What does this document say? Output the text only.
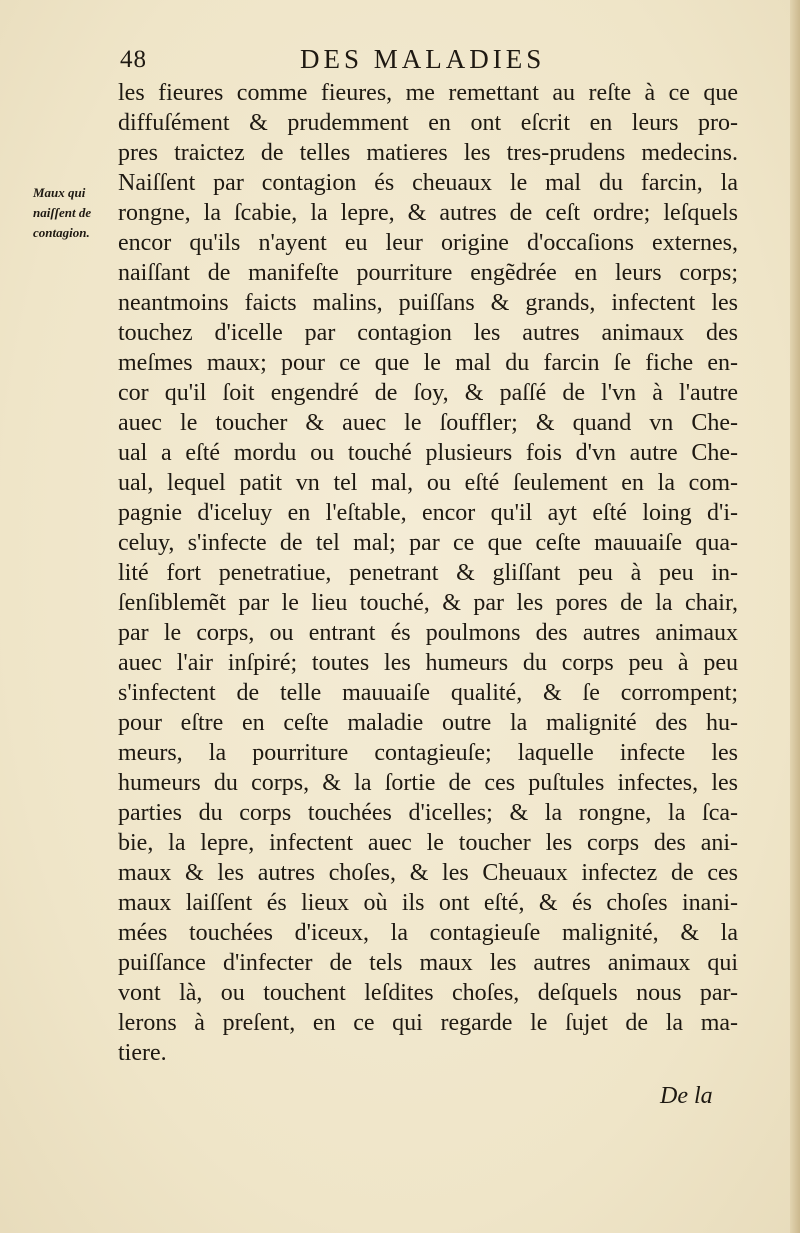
48	DES MALADIES
Maux qui
naiſſent de
contagion.
les fieures comme fieures, me remettant au reſte à ce que
diffuſément & prudemment en ont eſcrit en leurs pro-
pres traictez de telles matieres les tres-prudens medecins.
Naiſſent par contagion és cheuaux le mal du farcin, la
rongne, la ſcabie, la lepre, & autres de ceſt ordre; leſquels
encor qu'ils n'ayent eu leur origine d'occaſions externes,
naiſſant de manifeſte pourriture engẽdrée en leurs corps;
neantmoins faicts malins, puiſſans & grands, infectent les
touchez d'icelle par contagion les autres animaux des
meſmes maux; pour ce que le mal du farcin ſe fiche en-
cor qu'il ſoit engendré de ſoy, & paſſé de l'vn à l'autre
auec le toucher & auec le ſouffler; & quand vn Che-
ual a eſté mordu ou touché plusieurs fois d'vn autre Che-
ual, lequel patit vn tel mal, ou eſté ſeulement en la com-
pagnie d'iceluy en l'eſtable, encor qu'il ayt eſté loing d'i-
celuy, s'infecte de tel mal; par ce que ceſte mauuaiſe qua-
lité fort penetratiue, penetrant & gliſſant peu à peu in-
ſenſiblemẽt par le lieu touché, & par les pores de la chair,
par le corps, ou entrant és poulmons des autres animaux
auec l'air inſpiré; toutes les humeurs du corps peu à peu
s'infectent de telle mauuaiſe qualité, & ſe corrompent;
pour eſtre en ceſte maladie outre la malignité des hu-
meurs, la pourriture contagieuſe; laquelle infecte les
humeurs du corps, & la ſortie de ces puſtules infectes, les
parties du corps touchées d'icelles; & la rongne, la ſca-
bie, la lepre, infectent auec le toucher les corps des ani-
maux & les autres choſes, & les Cheuaux infectez de ces
maux laiſſent és lieux où ils ont eſté, & és choſes inani-
mées touchées d'iceux, la contagieuſe malignité, & la
puiſſance d'infecter de tels maux les autres animaux qui
vont là, ou touchent leſdites choſes, deſquels nous par-
lerons à preſent, en ce qui regarde le ſujet de la ma-
tiere.
De la
